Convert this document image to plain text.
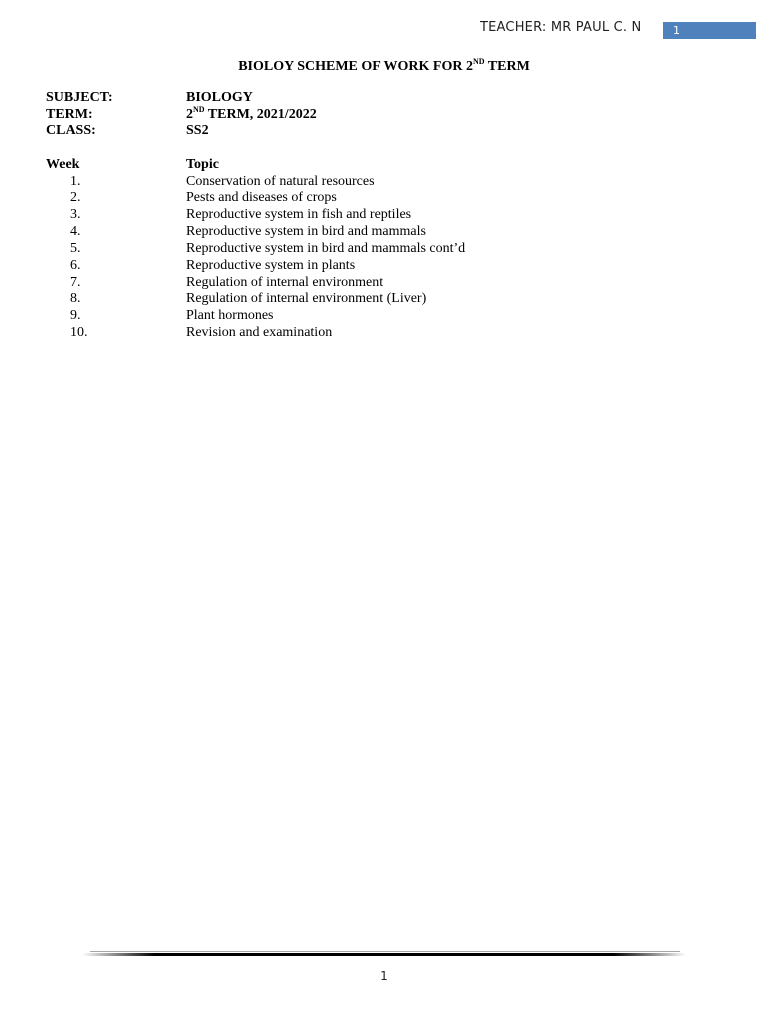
TEACHER: MR PAUL C. N	1
BIOLOY SCHEME OF WORK FOR 2ND TERM
SUBJECT:	BIOLOGY
TERM:	2ND TERM, 2021/2022
CLASS:	SS2
Week	Topic
1.	Conservation of natural resources
2.	Pests and diseases of crops
3.	Reproductive system in fish and reptiles
4.	Reproductive system in bird and mammals
5.	Reproductive system in bird and mammals cont’d
6.	Reproductive system in plants
7.	Regulation of internal environment
8.	Regulation of internal environment (Liver)
9.	Plant hormones
10.	Revision and examination
1
